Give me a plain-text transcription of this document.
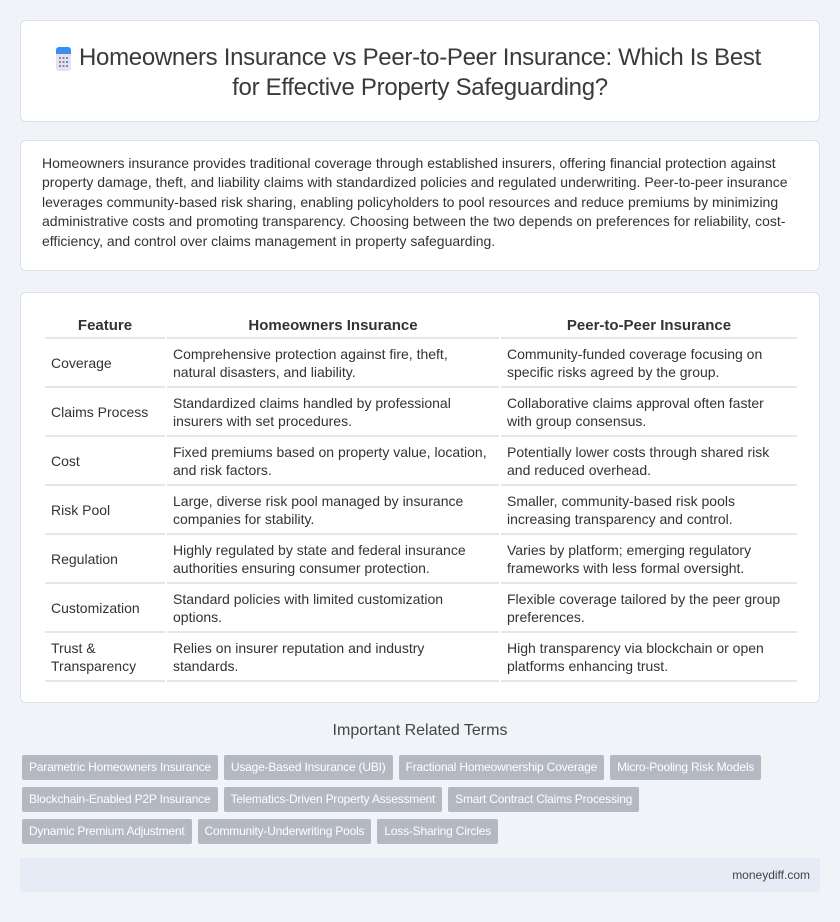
Homeowners Insurance vs Peer-to-Peer Insurance: Which Is Best
for Effective Property Safeguarding?

Homeowners insurance provides traditional coverage through established insurers, offering financial protection against property damage, theft, and liability claims with standardized policies and regulated underwriting. Peer-to-peer insurance leverages community-based risk sharing, enabling policyholders to pool resources and reduce premiums by minimizing administrative costs and promoting transparency. Choosing between the two depends on preferences for reliability, cost-efficiency, and control over claims management in property safeguarding.

Feature	Homeowners Insurance	Peer-to-Peer Insurance
Coverage	Comprehensive protection against fire, theft, natural disasters, and liability.	Community-funded coverage focusing on specific risks agreed by the group.
Claims Process	Standardized claims handled by professional insurers with set procedures.	Collaborative claims approval often faster with group consensus.
Cost	Fixed premiums based on property value, location, and risk factors.	Potentially lower costs through shared risk and reduced overhead.
Risk Pool	Large, diverse risk pool managed by insurance companies for stability.	Smaller, community-based risk pools increasing transparency and control.
Regulation	Highly regulated by state and federal insurance authorities ensuring consumer protection.	Varies by platform; emerging regulatory frameworks with less formal oversight.
Customization	Standard policies with limited customization options.	Flexible coverage tailored by the peer group preferences.
Trust & Transparency	Relies on insurer reputation and industry standards.	High transparency via blockchain or open platforms enhancing trust.
Important Related Terms
Parametric Homeowners Insurance	Usage-Based Insurance (UBI)	Fractional Homeownership Coverage	Micro-Pooling Risk Models
Blockchain-Enabled P2P Insurance	Telematics-Driven Property Assessment	Smart Contract Claims Processing
Dynamic Premium Adjustment	Community-Underwriting Pools	Loss-Sharing Circles
moneydiff.com
